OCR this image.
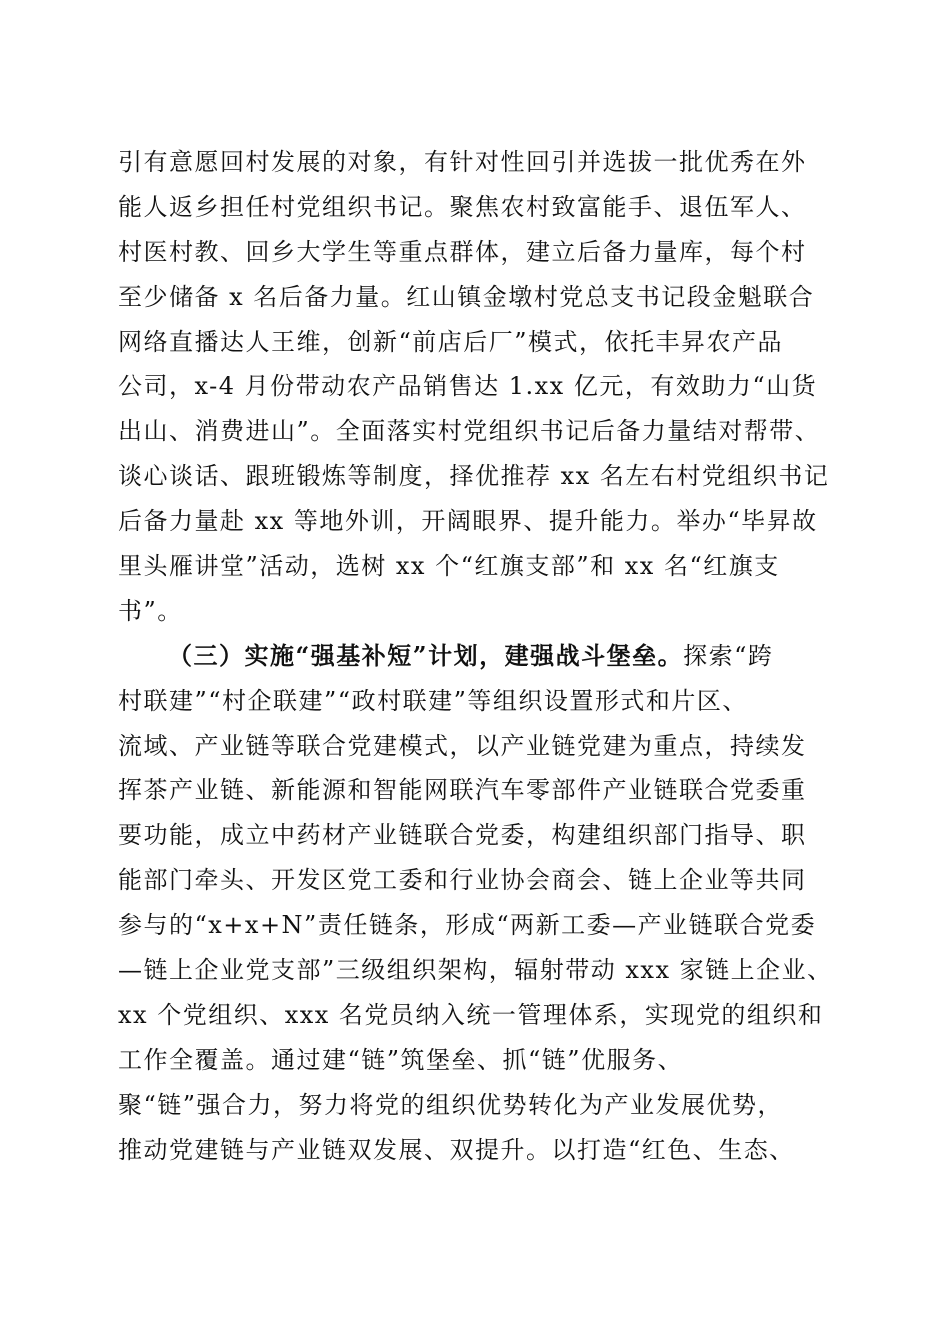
引有意愿回村发展的对象，有针对性回引并选拔一批优秀在外
能人返乡担任村党组织书记。聚焦农村致富能手、退伍军人、
村医村教、回乡大学生等重点群体，建立后备力量库，每个村
至少储备 x 名后备力量。红山镇金墩村党总支书记段金魁联合
网络直播达人王维，创新“前店后厂”模式，依托丰昇农产品
公司，x-4 月份带动农产品销售达 1.xx 亿元，有效助力“山货
出山、消费进山”。全面落实村党组织书记后备力量结对帮带、
谈心谈话、跟班锻炼等制度，择优推荐 xx 名左右村党组织书记
后备力量赴 xx 等地外训，开阔眼界、提升能力。举办“毕昇故
里头雁讲堂”活动，选树 xx 个“红旗支部”和 xx 名“红旗支
书”。
（三）实施“强基补短”计划，建强战斗堡垒。探索“跨
村联建”“村企联建”“政村联建”等组织设置形式和片区、
流域、产业链等联合党建模式，以产业链党建为重点，持续发
挥茶产业链、新能源和智能网联汽车零部件产业链联合党委重
要功能，成立中药材产业链联合党委，构建组织部门指导、职
能部门牵头、开发区党工委和行业协会商会、链上企业等共同
参与的“x+x+N”责任链条，形成“两新工委—产业链联合党委
—链上企业党支部”三级组织架构，辐射带动 xxx 家链上企业、
xx 个党组织、xxx 名党员纳入统一管理体系，实现党的组织和
工作全覆盖。通过建“链”筑堡垒、抓“链”优服务、
聚“链”强合力，努力将党的组织优势转化为产业发展优势，
推动党建链与产业链双发展、双提升。以打造“红色、生态、
